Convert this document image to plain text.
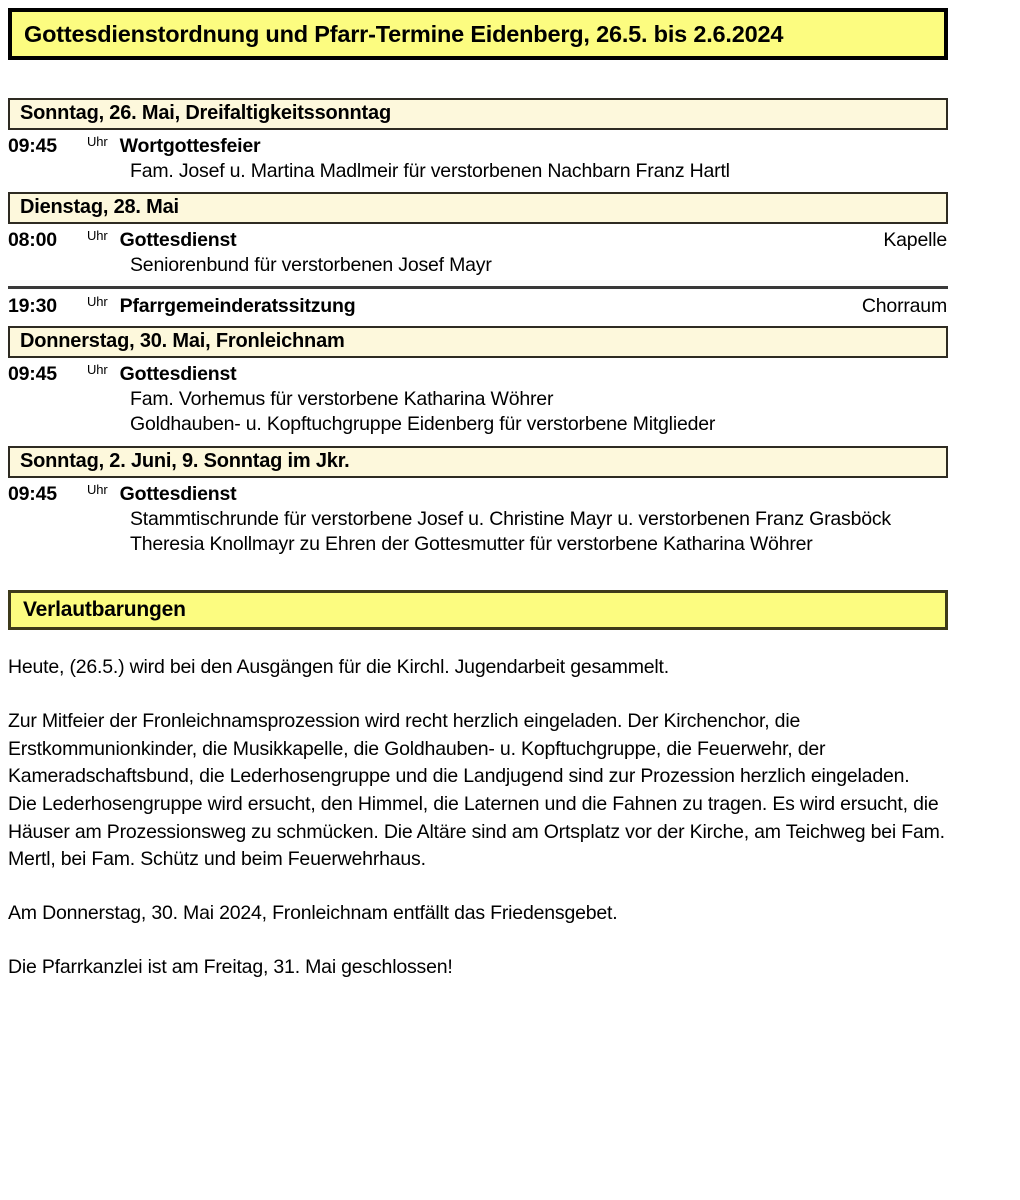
Gottesdienstordnung und Pfarr-Termine Eidenberg, 26.5. bis 2.6.2024
Sonntag, 26. Mai, Dreifaltigkeitssonntag
09:45	Uhr Wortgottesfeier
Fam. Josef u. Martina Madlmeir für verstorbenen Nachbarn Franz Hartl
Dienstag, 28. Mai
08:00	Uhr Gottesdienst	Kapelle
Seniorenbund für verstorbenen Josef Mayr
19:30	Uhr Pfarrgemeinderatssitzung	Chorraum
Donnerstag, 30. Mai, Fronleichnam
09:45	Uhr Gottesdienst
Fam. Vorhemus für verstorbene Katharina Wöhrer
Goldhauben- u. Kopftuchgruppe Eidenberg für verstorbene Mitglieder
Sonntag, 2. Juni, 9. Sonntag im Jkr.
09:45	Uhr Gottesdienst
Stammtischrunde für verstorbene Josef u. Christine Mayr u. verstorbenen Franz Grasböck
Theresia Knollmayr zu Ehren der Gottesmutter für verstorbene Katharina Wöhrer
Verlautbarungen

Heute, (26.5.) wird bei den Ausgängen für die Kirchl. Jugendarbeit gesammelt.

Zur Mitfeier der Fronleichnamsprozession wird recht herzlich eingeladen. Der Kirchenchor, die Erstkommunionkinder, die Musikkapelle, die Goldhauben- u. Kopftuchgruppe, die Feuerwehr, der Kameradschaftsbund, die Lederhosengruppe und die Landjugend sind zur Prozession herzlich eingeladen.

Die Lederhosengruppe wird ersucht, den Himmel, die Laternen und die Fahnen zu tragen. Es wird ersucht, die Häuser am Prozessionsweg zu schmücken. Die Altäre sind am Ortsplatz vor der Kirche, am Teichweg bei Fam. Mertl, bei Fam. Schütz und beim Feuerwehrhaus.

Am Donnerstag, 30. Mai 2024, Fronleichnam entfällt das Friedensgebet.

Die Pfarrkanzlei ist am Freitag, 31. Mai geschlossen!
